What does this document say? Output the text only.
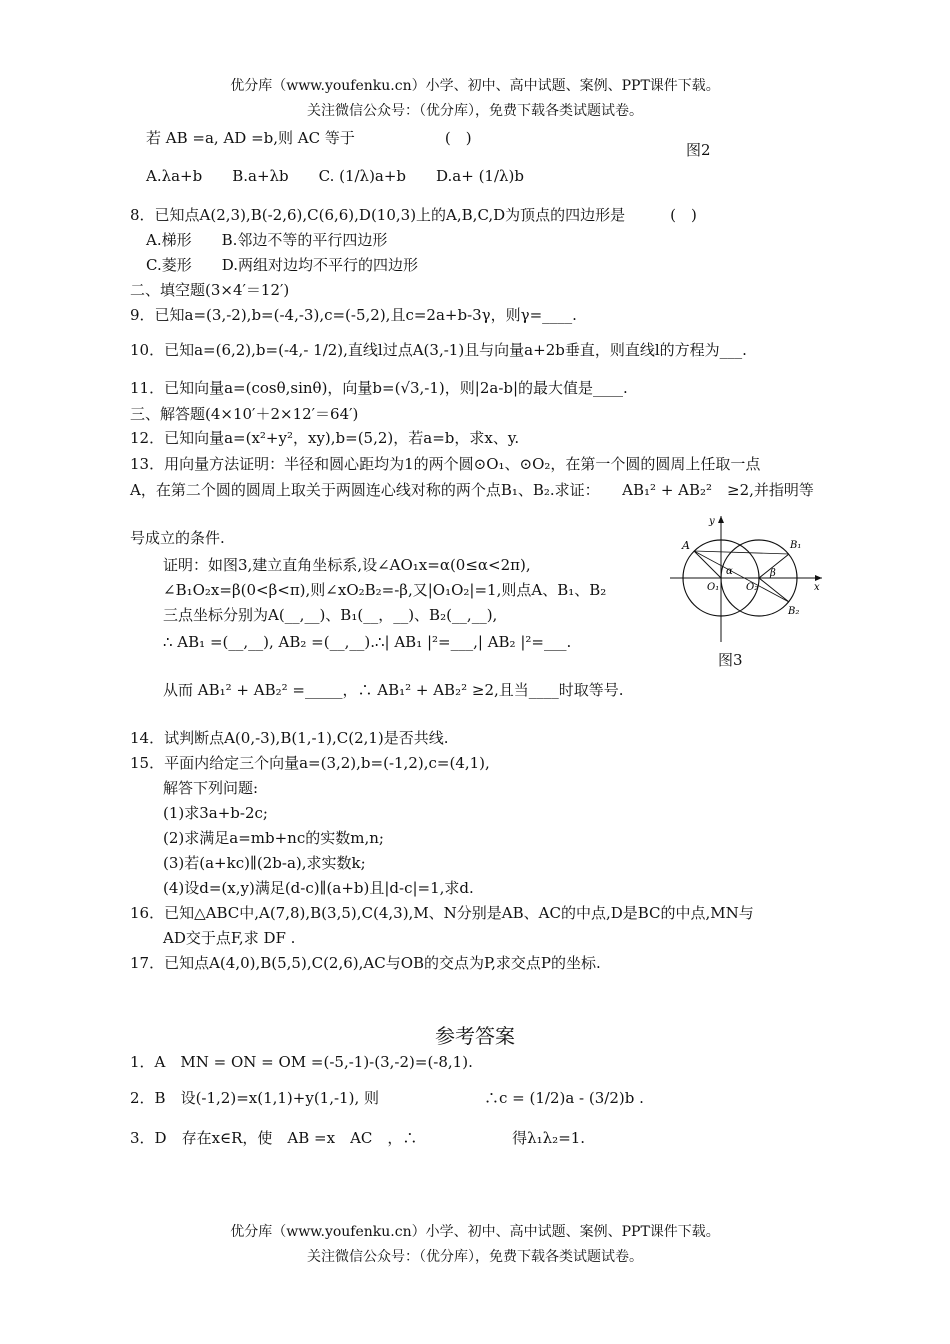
优分库（www.youfenku.cn）小学、初中、高中试题、案例、PPT课件下载。
关注微信公众号：（优分库），免费下载各类试题试卷。
若 AB =a, AD =b,则 AC 等于　　　　　　(　)
图2
A.λa+b　　B.a+λb　　C. (1/λ)a+b　　D.a+ (1/λ)b
8．已知点A(2,3),B(-2,6),C(6,6),D(10,3)上的A,B,C,D为顶点的四边形是　　　(　)
A.梯形　　B.邻边不等的平行四边形
C.菱形　　D.两组对边均不平行的四边形
二、填空题(3×4′＝12′)
9．已知a=(3,-2),b=(-4,-3),c=(-5,2),且c=2a+b-3γ，则γ=____.
10．已知a=(6,2),b=(-4,- 1/2),直线l过点A(3,-1)且与向量a+2b垂直，则直线l的方程为___.
11．已知向量a=(cosθ,sinθ)，向量b=(√3,-1)，则|2a-b|的最大值是____.
三、解答题(4×10′＋2×12′＝64′)
12．已知向量a=(x²+y²，xy),b=(5,2)，若a=b，求x、y.
13．用向量方法证明：半径和圆心距均为1的两个圆⊙O₁、⊙O₂，在第一个圆的圆周上任取一点
A，在第二个圆的圆周上取关于两圆连心线对称的两个点B₁、B₂.求证：　　AB₁² + AB₂²　≥2,并指明等
号成立的条件.
证明：如图3,建立直角坐标系,设∠AO₁x=α(0≤α<2π),
∠B₁O₂x=β(0<β<π),则∠xO₂B₂=-β,又|O₁O₂|=1,则点A、B₁、B₂
三点坐标分别为A(__,__)、B₁(__，__)、B₂(__,__),
∴ AB₁ =(__,__), AB₂ =(__,__).∴| AB₁ |²=___,| AB₂ |²=___.
从而 AB₁² + AB₂² =_____，∴ AB₁² + AB₂² ≥2,且当____时取等号.
A	B₁
B₂
O₁	O₂
α	β
x
y
图3
14．试判断点A(0,-3),B(1,-1),C(2,1)是否共线.
15．平面内给定三个向量a=(3,2),b=(-1,2),c=(4,1),
解答下列问题:
(1)求3a+b-2c;
(2)求满足a=mb+nc的实数m,n;
(3)若(a+kc)∥(2b-a),求实数k;
(4)设d=(x,y)满足(d-c)∥(a+b)且|d-c|=1,求d.
16．已知△ABC中,A(7,8),B(3,5),C(4,3),M、N分别是AB、AC的中点,D是BC的中点,MN与
AD交于点F,求 DF .
17．已知点A(4,0),B(5,5),C(2,6),AC与OB的交点为P,求交点P的坐标.
参考答案
1．A　MN = ON = OM =(-5,-1)-(3,-2)=(-8,1).
2．B　设(-1,2)=x(1,1)+y(1,-1), 则　　　　　　　∴c = (1/2)a - (3/2)b .
3．D　存在x∈R，使　AB =x　AC　，∴　　　　　　 得λ₁λ₂=1.
优分库（www.youfenku.cn）小学、初中、高中试题、案例、PPT课件下载。
关注微信公众号：（优分库），免费下载各类试题试卷。
